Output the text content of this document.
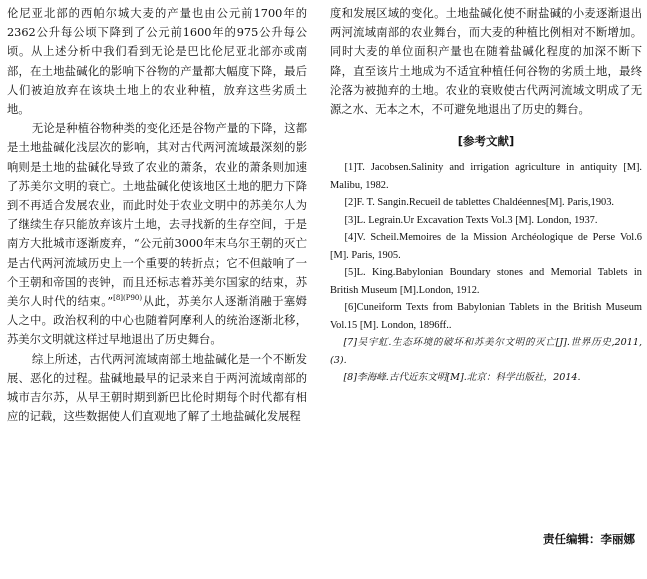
伦尼亚北部的西帕尔城大麦的产量也由公元前1700年的2362公升每公顷下降到了公元前1600年的975公升每公顷。从上述分析中我们看到无论是巴比伦尼亚北部亦或南部，在土地盐碱化的影响下谷物的产量都大幅度下降，最后人们被迫放弃在该块土地上的农业种植，放弃这些劣质土地。

无论是种植谷物种类的变化还是谷物产量的下降，这都是土地盐碱化浅层次的影响，其对古代两河流域最深刻的影响则是土地的盐碱化导致了农业的萧条，农业的萧条则加速了苏美尔文明的衰亡。土地盐碱化使该地区土地的肥力下降到不再适合发展农业，而此时处于农业文明中的苏美尔人为了继续生存只能放弃该片土地，去寻找新的生存空间，于是南方大批城市逐渐废弃，“公元前3000年末乌尔王朝的灭亡是古代两河流域历史上一个重要的转折点；它不但敲响了一个王朝和帝国的丧钟，而且还标志着苏美尔国家的结束，苏美尔人时代的结束。”$^{[8](P90)}$从此，苏美尔人逐渐消融于塞姆人之中。政治权利的中心也随着阿摩利人的统治逐渐北移，苏美尔文明就这样过早地退出了历史舞台。

综上所述，古代两河流域南部土地盐碱化是一个不断发展、恶化的过程。盐碱地最早的记录来自于两河流域南部的城市吉尔苏，从早王朝时期到新巴比伦时期每个时代都有相应的记载，这些数据使人们直观地了解了土地盐碱化发展程

度和发展区域的变化。土地盐碱化使不耐盐碱的小麦逐渐退出两河流域南部的农业舞台，而大麦的种植比例相对不断增加。同时大麦的单位面积产量也在随着盐碱化程度的加深不断下降，直至该片土地成为不适宜种植任何谷物的劣质土地，最终沦落为被抛弃的土地。农业的衰败使古代两河流域文明成了无源之水、无本之木，不可避免地退出了历史的舞台。

[参考文献]

[1]T. Jacobsen.Salinity and irrigation agriculture in antiquity [M]. Malibu, 1982.

[2]F. T. Sangin.Recueil de tablettes Chaldéennes[M]. Paris,1903.

[3]L. Legrain.Ur Excavation Texts Vol.3 [M]. London, 1937.

[4]V. Scheil.Memoires de la Mission Archéologique de Perse Vol.6 [M]. Paris, 1905.

[5]L. King.Babylonian Boundary stones and Memorial Tablets in British Museum [M].London, 1912.

[6]Cuneiform Texts from Babylonian Tablets in the British Museum Vol.15 [M]. London, 1896ff..

[7]吴宇虹.生态环境的破坏和苏美尔文明的灭亡[J].世界历史,2011,(3).

[8]李海峰.古代近东文明[M].北京：科学出版社，2014.

责任编辑：李丽娜
